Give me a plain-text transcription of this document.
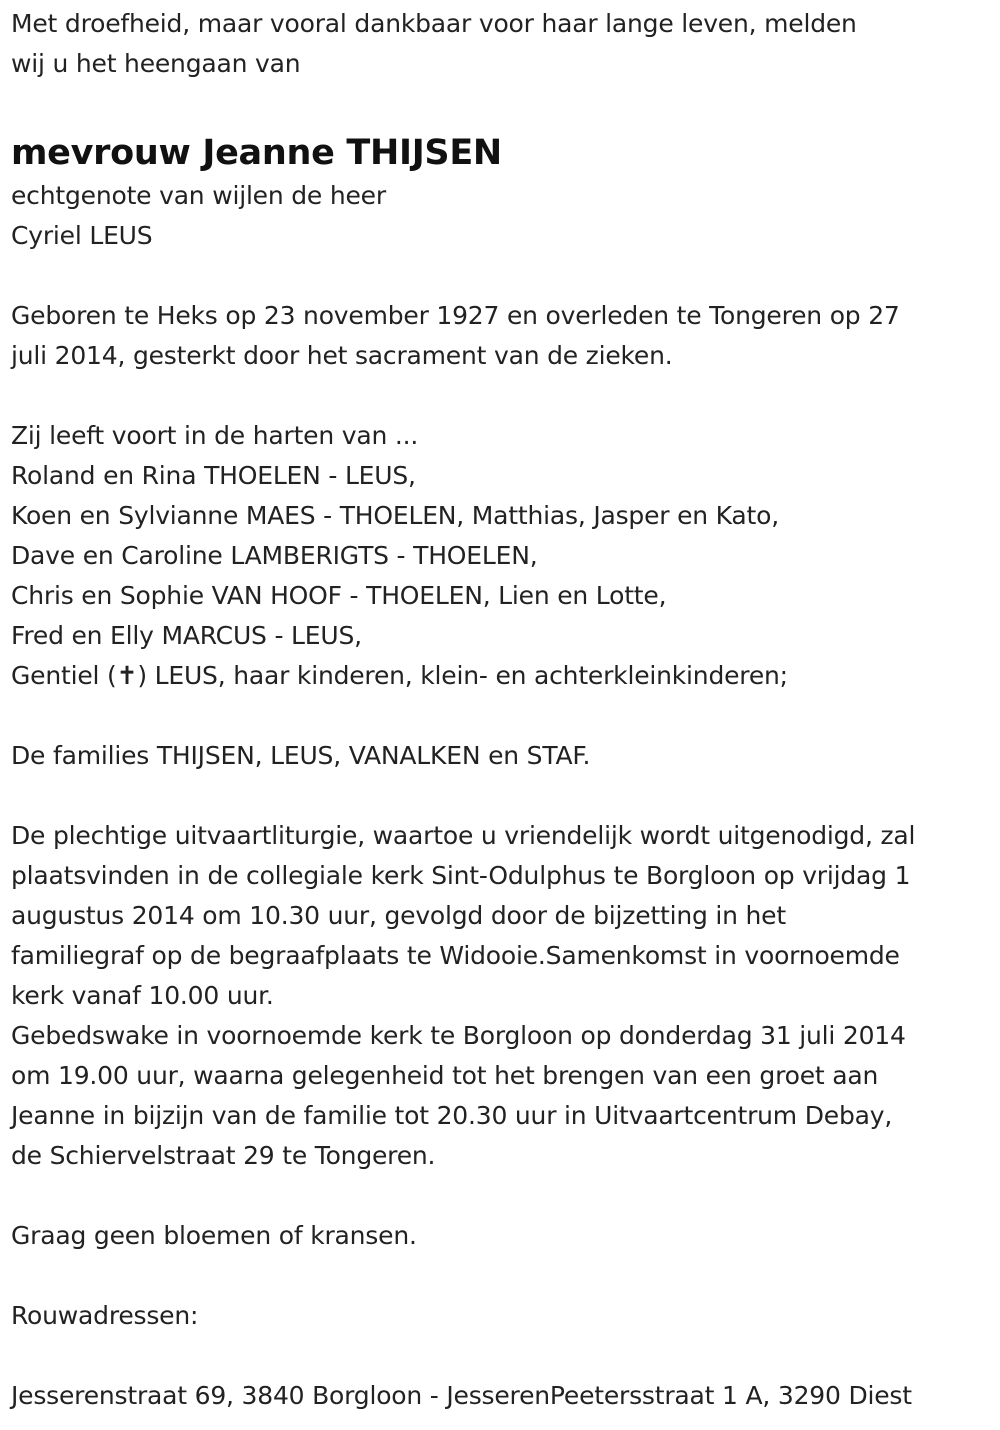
Met droefheid, maar vooral dankbaar voor haar lange leven, melden
wij u het heengaan van
mevrouw Jeanne THIJSEN
echtgenote van wijlen de heer
Cyriel LEUS
Geboren te Heks op 23 november 1927 en overleden te Tongeren op 27
juli 2014, gesterkt door het sacrament van de zieken.
Zij leeft voort in de harten van ...
Roland en Rina THOELEN - LEUS,
Koen en Sylvianne MAES - THOELEN, Matthias, Jasper en Kato,
Dave en Caroline LAMBERIGTS - THOELEN,
Chris en Sophie VAN HOOF - THOELEN, Lien en Lotte,
Fred en Elly MARCUS - LEUS,
Gentiel (✝) LEUS, haar kinderen, klein- en achterkleinkinderen;
De families THIJSEN, LEUS, VANALKEN en STAF.
De plechtige uitvaartliturgie, waartoe u vriendelijk wordt uitgenodigd, zal
plaatsvinden in de collegiale kerk Sint-Odulphus te Borgloon op vrijdag 1
augustus 2014 om 10.30 uur, gevolgd door de bijzetting in het
familiegraf op de begraafplaats te Widooie.Samenkomst in voornoemde
kerk vanaf 10.00 uur.
Gebedswake in voornoemde kerk te Borgloon op donderdag 31 juli 2014
om 19.00 uur, waarna gelegenheid tot het brengen van een groet aan
Jeanne in bijzijn van de familie tot 20.30 uur in Uitvaartcentrum Debay,
de Schiervelstraat 29 te Tongeren.
Graag geen bloemen of kransen.
Rouwadressen:
Jesserenstraat 69, 3840 Borgloon - JesserenPeetersstraat 1 A, 3290 Diest
